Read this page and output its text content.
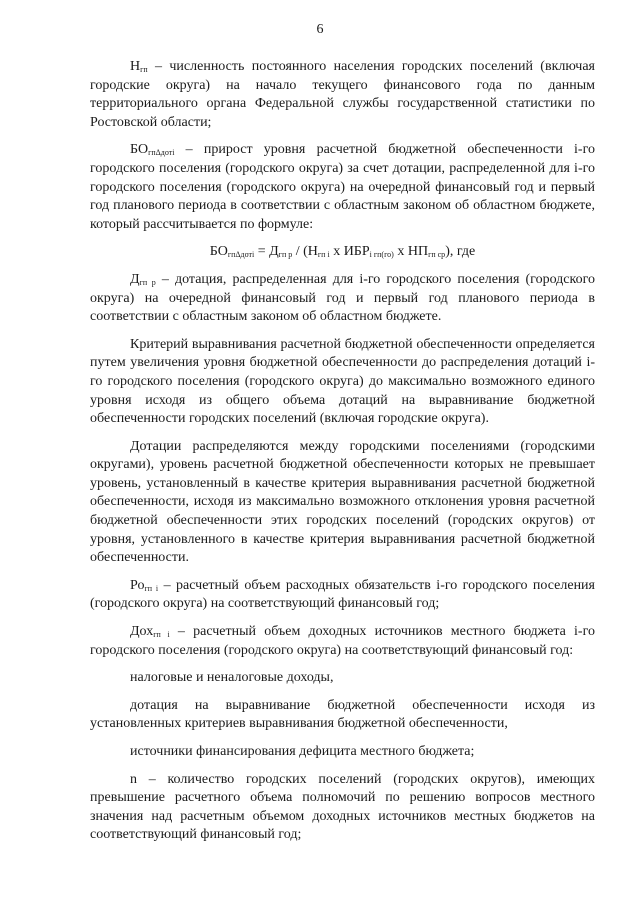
6

$Н_{гп}$ – численность постоянного населения городских поселений (включая городские округа) на начало текущего финансового года по данным территориального органа Федеральной службы государственной статистики по Ростовской области;

$БО_{гп\Delta дотi}$ – прирост уровня расчетной бюджетной обеспеченности i-го городского поселения (городского округа) за счет дотации, распределенной для i-го городского поселения (городского округа) на очередной финансовый год и первый год планового периода в соответствии с областным законом об областном бюджете, который рассчитывается по формуле:

$БО_{гп\Delta дотi} = Д_{гп р} / (Н_{гп i}$ х $ИБР_{i гп(го)}$ х $НП_{гп ср}$), где

$Д_{гп р}$ – дотация, распределенная для i-го городского поселения (городского округа) на очередной финансовый год и первый год планового периода в соответствии с областным законом об областном бюджете.

Критерий выравнивания расчетной бюджетной обеспеченности определяется путем увеличения уровня бюджетной обеспеченности до распределения дотаций i-го городского поселения (городского округа) до максимально возможного единого уровня исходя из общего объема дотаций на выравнивание бюджетной обеспеченности городских поселений (включая городские округа).

Дотации распределяются между городскими поселениями (городскими округами), уровень расчетной бюджетной обеспеченности которых не превышает уровень, установленный в качестве критерия выравнивания расчетной бюджетной обеспеченности, исходя из максимально возможного отклонения уровня расчетной бюджетной обеспеченности этих городских поселений (городских округов) от уровня, установленного в качестве критерия выравнивания расчетной бюджетной обеспеченности.

$Ро_{гп i}$ – расчетный объем расходных обязательств i-го городского поселения (городского округа) на соответствующий финансовый год;

Дох$_{гп i}$ – расчетный объем доходных источников местного бюджета i-го городского поселения (городского округа) на соответствующий финансовый год:

налоговые и неналоговые доходы,

дотация на выравнивание бюджетной обеспеченности исходя из установленных критериев выравнивания бюджетной обеспеченности,

источники финансирования дефицита местного бюджета;

n – количество городских поселений (городских округов), имеющих превышение расчетного объема полномочий по решению вопросов местного значения над расчетным объемом доходных источников местных бюджетов на соответствующий финансовый год;
